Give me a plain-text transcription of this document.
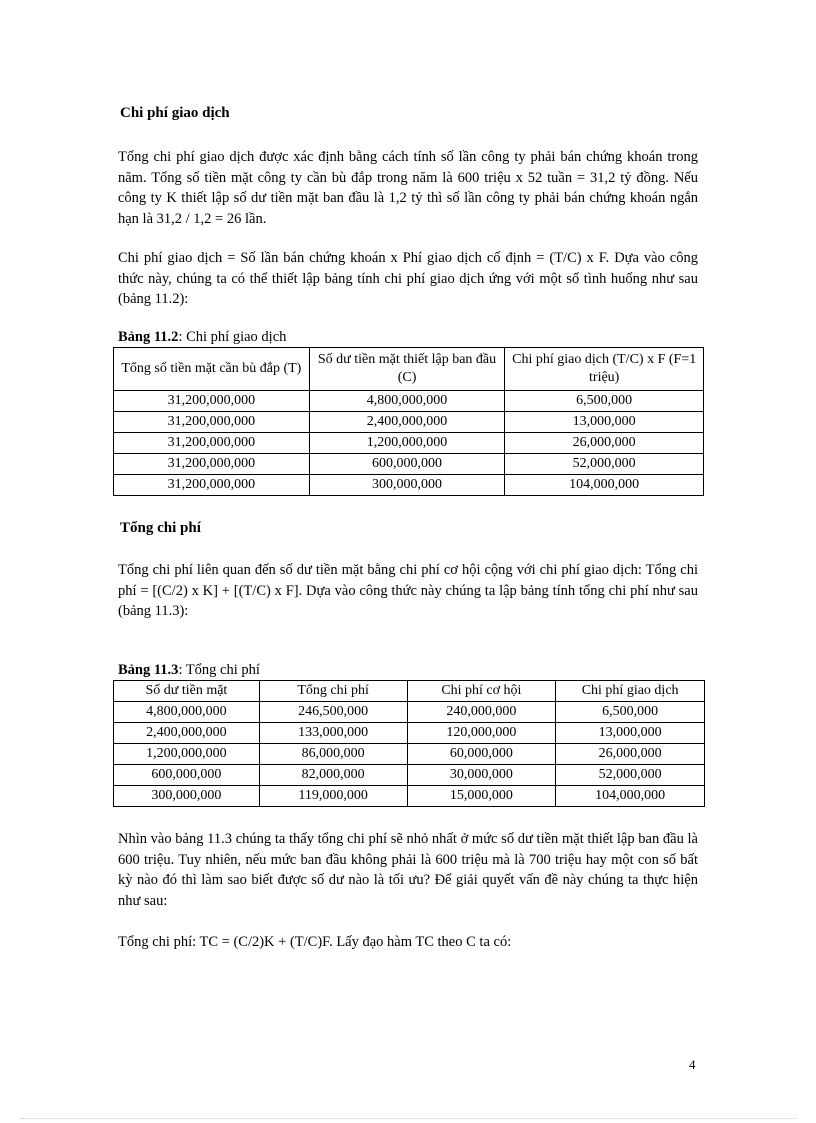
Chi phí giao dịch
Tổng chi phí giao dịch được xác định bằng cách tính số lần công ty phải bán chứng khoán trong năm. Tổng số tiền mặt công ty cần bù đắp trong năm là 600 triệu x 52 tuần = 31,2 tỷ đồng. Nếu công ty K thiết lập số dư tiền mặt ban đầu là 1,2 tỷ thì số lần công ty phải bán chứng khoán ngắn hạn là 31,2 / 1,2 = 26 lần.
Chi phí giao dịch = Số lần bán chứng khoán x Phí giao dịch cố định = (T/C) x F. Dựa vào công thức này, chúng ta có thể thiết lập bảng tính chi phí giao dịch ứng với một số tình huống như sau (bảng 11.2):
Bảng 11.2: Chi phí giao dịch
Tổng số tiền mặt cần bù đắp (T)	Số dư tiền mặt thiết lập ban đầu (C)	Chi phí giao dịch (T/C) x F (F=1 triệu)
31,200,000,000	4,800,000,000	6,500,000
31,200,000,000	2,400,000,000	13,000,000
31,200,000,000	1,200,000,000	26,000,000
31,200,000,000	600,000,000	52,000,000
31,200,000,000	300,000,000	104,000,000
Tổng chi phí
Tổng chi phí liên quan đến số dư tiền mặt bằng chi phí cơ hội cộng với chi phí giao dịch: Tổng chi phí = [(C/2) x K] + [(T/C) x F]. Dựa vào công thức này chúng ta lập bảng tính tổng chi phí như sau (bảng 11.3):
Bảng 11.3: Tổng chi phí
Số dư tiền mặt	Tổng chi phí	Chi phí cơ hội	Chi phí giao dịch
4,800,000,000	246,500,000	240,000,000	6,500,000
2,400,000,000	133,000,000	120,000,000	13,000,000
1,200,000,000	86,000,000	60,000,000	26,000,000
600,000,000	82,000,000	30,000,000	52,000,000
300,000,000	119,000,000	15,000,000	104,000,000
Nhìn vào bảng 11.3 chúng ta thấy tổng chi phí sẽ nhỏ nhất ở mức số dư tiền mặt thiết lập ban đầu là 600 triệu. Tuy nhiên, nếu mức ban đầu không phải là 600 triệu mà là 700 triệu hay một con số bất kỳ nào đó thì làm sao biết được số dư nào là tối ưu? Để giải quyết vấn đề này chúng ta thực hiện như sau:
Tổng chi phí: TC = (C/2)K + (T/C)F. Lấy đạo hàm TC theo C ta có:
4
